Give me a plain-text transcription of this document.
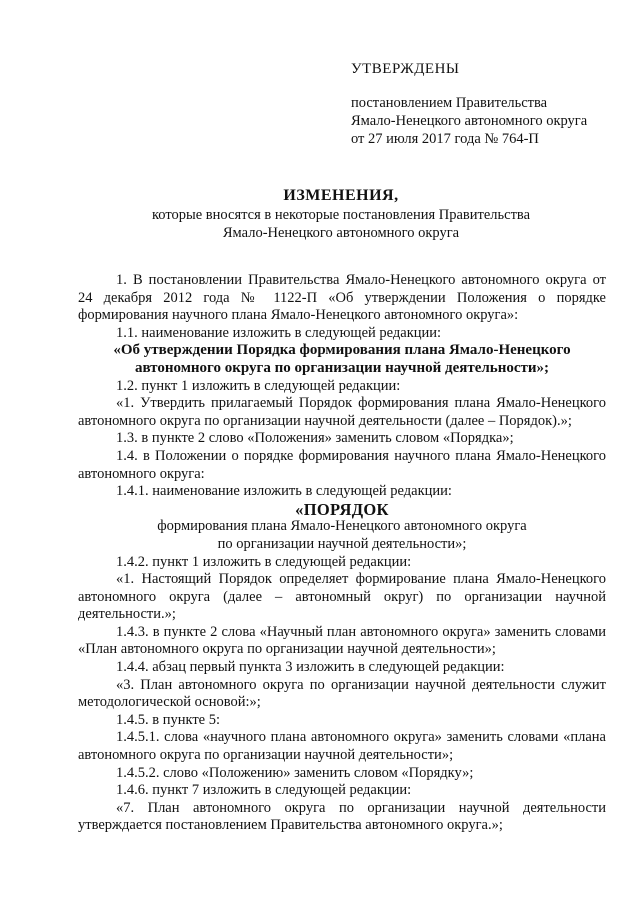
УТВЕРЖДЕНЫ
постановлением Правительства
Ямало-Ненецкого автономного округа
от 27 июля 2017 года № 764-П
ИЗМЕНЕНИЯ,
которые вносятся в некоторые постановления Правительства
Ямало-Ненецкого автономного округа

1. В постановлении Правительства Ямало-Ненецкого автономного округа от 24 декабря 2012 года № 1122-П «Об утверждении Положения о порядке формирования научного плана Ямало-Ненецкого автономного округа»:

1.1. наименование изложить в следующей редакции:

«Об утверждении Порядка формирования плана Ямало-Ненецкого

автономного округа по организации научной деятельности»;

1.2. пункт 1 изложить в следующей редакции:

«1. Утвердить прилагаемый Порядок формирования плана Ямало-Ненецкого автономного округа по организации научной деятельности (далее – Порядок).»;

1.3. в пункте 2 слово «Положения» заменить словом «Порядка»;

1.4. в Положении о порядке формирования научного плана Ямало-Ненецкого автономного округа:

1.4.1. наименование изложить в следующей редакции:

«ПОРЯДОК

формирования плана Ямало-Ненецкого автономного округа

по организации научной деятельности»;

1.4.2. пункт 1 изложить в следующей редакции:

«1. Настоящий Порядок определяет формирование плана Ямало-Ненецкого автономного округа (далее – автономный округ) по организации научной деятельности.»;

1.4.3. в пункте 2 слова «Научный план автономного округа» заменить словами «План автономного округа по организации научной деятельности»;

1.4.4. абзац первый пункта 3 изложить в следующей редакции:

«3. План автономного округа по организации научной деятельности служит методологической основой:»;

1.4.5. в пункте 5:

1.4.5.1. слова «научного плана автономного округа» заменить словами «плана автономного округа по организации научной деятельности»;

1.4.5.2. слово «Положению» заменить словом «Порядку»;

1.4.6. пункт 7 изложить в следующей редакции:

«7. План автономного округа по организации научной деятельности утверждается постановлением Правительства автономного округа.»;
